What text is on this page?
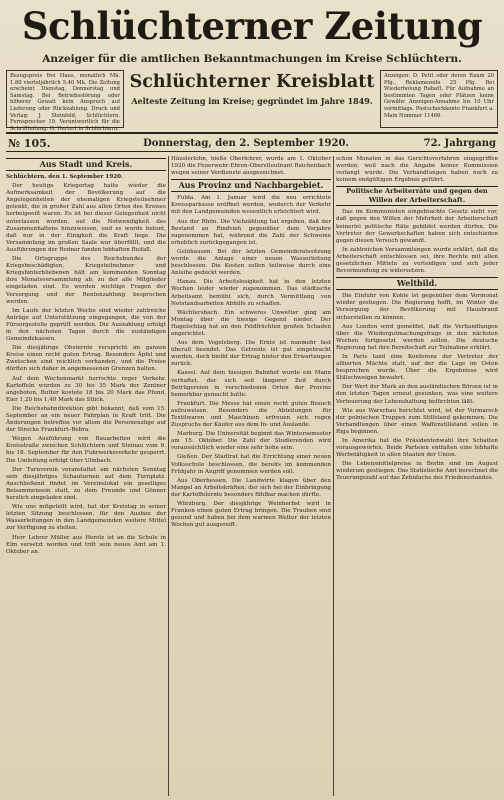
Schlüchterner Zeitung
Anzeiger für die amtlichen Bekanntmachungen im Kreise Schlüchtern.
Bezugspreis frei Haus, monatlich Mk. 1.80 vierteljährlich 5.40 Mk. Die Zeitung erscheint Dienstag, Donnerstag und Samstag. Bei Betriebsstörung oder höherer Gewalt kein Anspruch auf Lieferung oder Rückzahlung. Druck und Verlag: J. Steinfeld, Schlüchtern. Fernsprecher 19. Verantwortlich für die Schriftleitung: G. Hertert in Schlüchtern.
Schlüchterner Kreisblatt
Aelteste Zeitung im Kreise; gegründet im Jahre 1849.
Anzeigen: D. Petit oder deren Raum 20 Pfg., Reklamezeile 25 Pfg. Bei Wiederholung Rabatt. Für Aufnahme an bestimmten Tagen oder Plätzen keine Gewähr. Anzeigen-Annahme bis 10 Uhr vormittags. Postscheckkonto Frankfurt a. Main Nummer 11466.
№ 105.	Donnerstag, den 2. September 1920.	72. Jahrgang
Aus Stadt und Kreis.
Schlüchtern, den 1. September 1920.

Der heutige Kriegertag hatte wieder die Aufmerksamkeit der Bevölkerung auf die Angelegenheiten der ehemaligen Kriegsteilnehmer gelenkt, die in großer Zahl aus allen Orten des Kreises herbeigeeilt waren. Es ist bei dieser Gelegenheit nicht unterlassen worden, auf die Notwendigkeit des Zusammenhaltens hinzuweisen, und es wurde betont, daß nur in der Einigkeit die Kraft liege. Die Versammlung im großen Saale war überfüllt, und die Ausführungen der Redner fanden lebhaften Beifall.

Die Ortsgruppe des Reichsbundes der Kriegsbeschädigten, Kriegsteilnehmer und Kriegshinterbliebenen hält am kommenden Sonntag ihre Monatsversammlung ab, zu der alle Mitglieder eingeladen sind. Es werden wichtige Fragen der Versorgung und der Rentenzahlung besprochen werden.

Im Laufe der letzten Woche sind wieder zahlreiche Anträge auf Unterstützung eingegangen, die von der Fürsorgestelle geprüft werden. Die Auszahlung erfolgt in den nächsten Tagen durch die zuständigen Gemeindekassen.

Die diesjährige Obsternte verspricht im ganzen Kreise einen recht guten Ertrag. Besonders Äpfel und Zwetschen sind reichlich vorhanden, und die Preise dürften sich daher in angemessenen Grenzen halten.

Auf dem Wochenmarkt herrschte reger Verkehr. Kartoffeln wurden zu 30 bis 35 Mark der Zentner angeboten, Butter kostete 18 bis 20 Mark das Pfund, Eier 1,20 bis 1,40 Mark das Stück.

Die Reichsbahndirektion gibt bekannt, daß vom 15. September an ein neuer Fahrplan in Kraft tritt. Die Änderungen betreffen vor allem die Personenzüge auf der Strecke Frankfurt–Bebra.

Wegen Ausführung von Bauarbeiten wird die Kreisstraße zwischen Schlüchtern und Steinau vom 6. bis 18. September für den Fuhrwerksverkehr gesperrt. Die Umleitung erfolgt über Ulmbach.

Der Turnverein veranstaltet am nächsten Sonntag sein diesjähriges Schauturnen auf dem Turnplatz. Anschließend findet im Vereinslokal ein geselliges Beisammensein statt, zu dem Freunde und Gönner herzlich eingeladen sind.

Wie uns mitgeteilt wird, hat der Kreistag in seiner letzten Sitzung beschlossen, für den Ausbau der Wasserleitungen in den Landgemeinden weitere Mittel zur Verfügung zu stellen.

Herr Lehrer Müller aus Herolz ist an die Schule in Elm versetzt worden und tritt sein neues Amt am 1. Oktober an.

Häuslerlohn, hieße Oberlehrer, wurde am 1. Oktober 1920 die Feuerwehr-Ehren-Oberstleutnant Reichenbach wegen seiner Verdienste ausgezeichnet.

Aus Provinz und Nachbargebiet.

Fulda. Am 1. Januar wird die neu errichtete Kreissparkasse eröffnet werden, wodurch der Verkehr mit den Landgemeinden wesentlich erleichtert wird.

Aus der Rhön. Die Viehzählung hat ergeben, daß der Bestand an Rindvieh gegenüber dem Vorjahre zugenommen hat, während die Zahl der Schweine erheblich zurückgegangen ist.

Gelnhausen. Bei der letzten Gemeinderatssitzung wurde die Anlage einer neuen Wasserleitung beschlossen. Die Kosten sollen teilweise durch eine Anleihe gedeckt werden.

Hanau. Die Arbeitslosigkeit hat in den letzten Wochen leider wieder zugenommen. Das städtische Arbeitsamt bemüht sich, durch Vermittlung von Notstandsarbeiten Abhilfe zu schaffen.

Wächtersbach. Ein schweres Unwetter ging am Montag über die hiesige Gegend nieder. Der Hagelschlag hat an den Feldfrüchten großen Schaden angerichtet.

Aus dem Vogelsberg. Die Ernte ist nunmehr fast überall beendet. Das Getreide ist gut eingebracht worden, doch bleibt der Ertrag hinter den Erwartungen zurück.

Kassel. Auf dem hiesigen Bahnhof wurde ein Mann verhaftet, der sich seit längerer Zeit durch Betrügereien in verschiedenen Orten der Provinz bemerkbar gemacht hatte.

Frankfurt. Die Messe hat einen recht guten Besuch aufzuweisen. Besonders die Abteilungen für Textilwaren und Maschinen erfreuen sich regen Zuspruchs der Käufer aus dem In- und Auslande.

Marburg. Die Universität beginnt das Wintersemester am 15. Oktober. Die Zahl der Studierenden wird voraussichtlich wieder eine sehr hohe sein.

Gießen. Der Stadtrat hat die Errichtung einer neuen Volksschule beschlossen, die bereits im kommenden Frühjahr in Angriff genommen werden soll.

Aus Oberhessen. Die Landwirte klagen über den Mangel an Arbeitskräften, der sich bei der Einbringung der Kartoffelernte besonders fühlbar machen dürfte.

Würzburg. Der diesjährige Weinherbst wird in Franken einen guten Ertrag bringen. Die Trauben sind gesund und haben bei dem warmen Wetter der letzten Wochen gut ausgereift.

schon Monaten in das Gerichtsverfahren eingegriffen werden, weil nach die Angabe keiner Kommission verlangt wurde. Die Verhandlungen haben noch zu keinem endgültigen Ergebnis geführt.

Politische Arbeiterräte und gegen den Willen der Arbeiterschaft.

Das im Kommunisten eingebrachte Gesetz sieht vor, daß gegen den Willen der Mehrheit der Arbeiterschaft keinerlei politische Räte gebildet werden dürfen. Die Vertreter der Gewerkschaften haben sich entschieden gegen diesen Versuch gewandt.

In zahlreichen Versammlungen wurde erklärt, daß die Arbeiterschaft entschlossen sei, ihre Rechte mit allen gesetzlichen Mitteln zu verteidigen und sich jeder Bevormundung zu widersetzen.

Weltbild.

Die Einfuhr von Kohle ist gegenüber dem Vormonat wieder gestiegen. Die Regierung hofft, im Winter die Versorgung der Bevölkerung mit Hausbrand sicherstellen zu können.

Aus London wird gemeldet, daß die Verhandlungen über die Wiedergutmachungsfrage in den nächsten Wochen fortgesetzt werden sollen. Die deutsche Regierung hat ihre Bereitschaft zur Teilnahme erklärt.

In Paris fand eine Konferenz der Vertreter der alliierten Mächte statt, auf der die Lage im Osten besprochen wurde. Über die Ergebnisse wird Stillschweigen bewahrt.

Der Wert der Mark an den ausländischen Börsen ist in den letzten Tagen erneut gesunken, was eine weitere Verteuerung der Lebenshaltung befürchten läßt.

Wie aus Warschau berichtet wird, ist der Vormarsch der polnischen Truppen zum Stillstand gekommen. Die Verhandlungen über einen Waffenstillstand sollen in Riga beginnen.

In Amerika hat die Präsidentenwahl ihre Schatten vorausgeworfen. Beide Parteien entfalten eine lebhafte Werbetätigkeit in allen Staaten der Union.

Die Lebensmittelpreise in Berlin sind im August wiederum gestiegen. Das Statistische Amt berechnet die Teuerungszahl auf das Zehnfache des Friedensstandes.
